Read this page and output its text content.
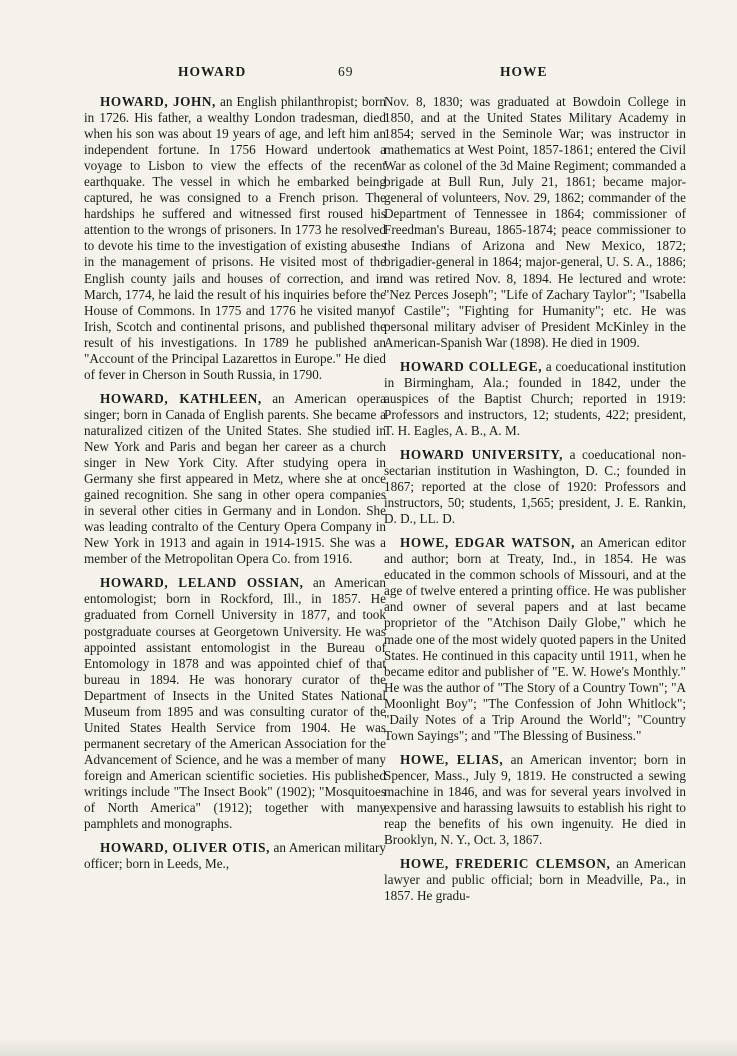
HOWARD	69	HOWE

HOWARD, JOHN, an English philanthropist; born in 1726. His father, a wealthy London tradesman, died when his son was about 19 years of age, and left him an independent fortune. In 1756 Howard undertook a voyage to Lisbon to view the effects of the recent earthquake. The vessel in which he embarked being captured, he was consigned to a French prison. The hardships he suffered and witnessed first roused his attention to the wrongs of prisoners. In 1773 he resolved to devote his time to the investigation of existing abuses in the management of prisons. He visited most of the English county jails and houses of correction, and in March, 1774, he laid the result of his inquiries before the House of Commons. In 1775 and 1776 he visited many Irish, Scotch and continental prisons, and published the result of his investigations. In 1789 he published an "Account of the Principal Lazarettos in Europe." He died of fever in Cherson in South Russia, in 1790.

HOWARD, KATHLEEN, an American opera singer; born in Canada of English parents. She became a naturalized citizen of the United States. She studied in New York and Paris and began her career as a church singer in New York City. After studying opera in Germany she first appeared in Metz, where she at once gained recognition. She sang in other opera companies in several other cities in Germany and in London. She was leading contralto of the Century Opera Company in New York in 1913 and again in 1914-1915. She was a member of the Metropolitan Opera Co. from 1916.

HOWARD, LELAND OSSIAN, an American entomologist; born in Rockford, Ill., in 1857. He graduated from Cornell University in 1877, and took postgraduate courses at Georgetown University. He was appointed assistant entomologist in the Bureau of Entomology in 1878 and was appointed chief of that bureau in 1894. He was honorary curator of the Department of Insects in the United States National Museum from 1895 and was consulting curator of the United States Health Service from 1904. He was permanent secretary of the American Association for the Advancement of Science, and he was a member of many foreign and American scientific societies. His published writings include "The Insect Book" (1902); "Mosquitoes of North America" (1912); together with many pamphlets and monographs.

HOWARD, OLIVER OTIS, an American military officer; born in Leeds, Me.,

Nov. 8, 1830; was graduated at Bowdoin College in 1850, and at the United States Military Academy in 1854; served in the Seminole War; was instructor in mathematics at West Point, 1857-1861; entered the Civil War as colonel of the 3d Maine Regiment; commanded a brigade at Bull Run, July 21, 1861; became major-general of volunteers, Nov. 29, 1862; commander of the Department of Tennessee in 1864; commissioner of Freedman's Bureau, 1865-1874; peace commissioner to the Indians of Arizona and New Mexico, 1872; brigadier-general in 1864; major-general, U. S. A., 1886; and was retired Nov. 8, 1894. He lectured and wrote: "Nez Perces Joseph"; "Life of Zachary Taylor"; "Isabella of Castile"; "Fighting for Humanity"; etc. He was personal military adviser of President McKinley in the American-Spanish War (1898). He died in 1909.

HOWARD COLLEGE, a coeducational institution in Birmingham, Ala.; founded in 1842, under the auspices of the Baptist Church; reported in 1919: Professors and instructors, 12; students, 422; president, T. H. Eagles, A. B., A. M.

HOWARD UNIVERSITY, a coeducational non-sectarian institution in Washington, D. C.; founded in 1867; reported at the close of 1920: Professors and instructors, 50; students, 1,565; president, J. E. Rankin, D. D., LL. D.

HOWE, EDGAR WATSON, an American editor and author; born at Treaty, Ind., in 1854. He was educated in the common schools of Missouri, and at the age of twelve entered a printing office. He was publisher and owner of several papers and at last became proprietor of the "Atchison Daily Globe," which he made one of the most widely quoted papers in the United States. He continued in this capacity until 1911, when he became editor and publisher of "E. W. Howe's Monthly." He was the author of "The Story of a Country Town"; "A Moonlight Boy"; "The Confession of John Whitlock"; "Daily Notes of a Trip Around the World"; "Country Town Sayings"; and "The Blessing of Business."

HOWE, ELIAS, an American inventor; born in Spencer, Mass., July 9, 1819. He constructed a sewing machine in 1846, and was for several years involved in expensive and harassing lawsuits to establish his right to reap the benefits of his own ingenuity. He died in Brooklyn, N. Y., Oct. 3, 1867.

HOWE, FREDERIC CLEMSON, an American lawyer and public official; born in Meadville, Pa., in 1857. He gradu-
